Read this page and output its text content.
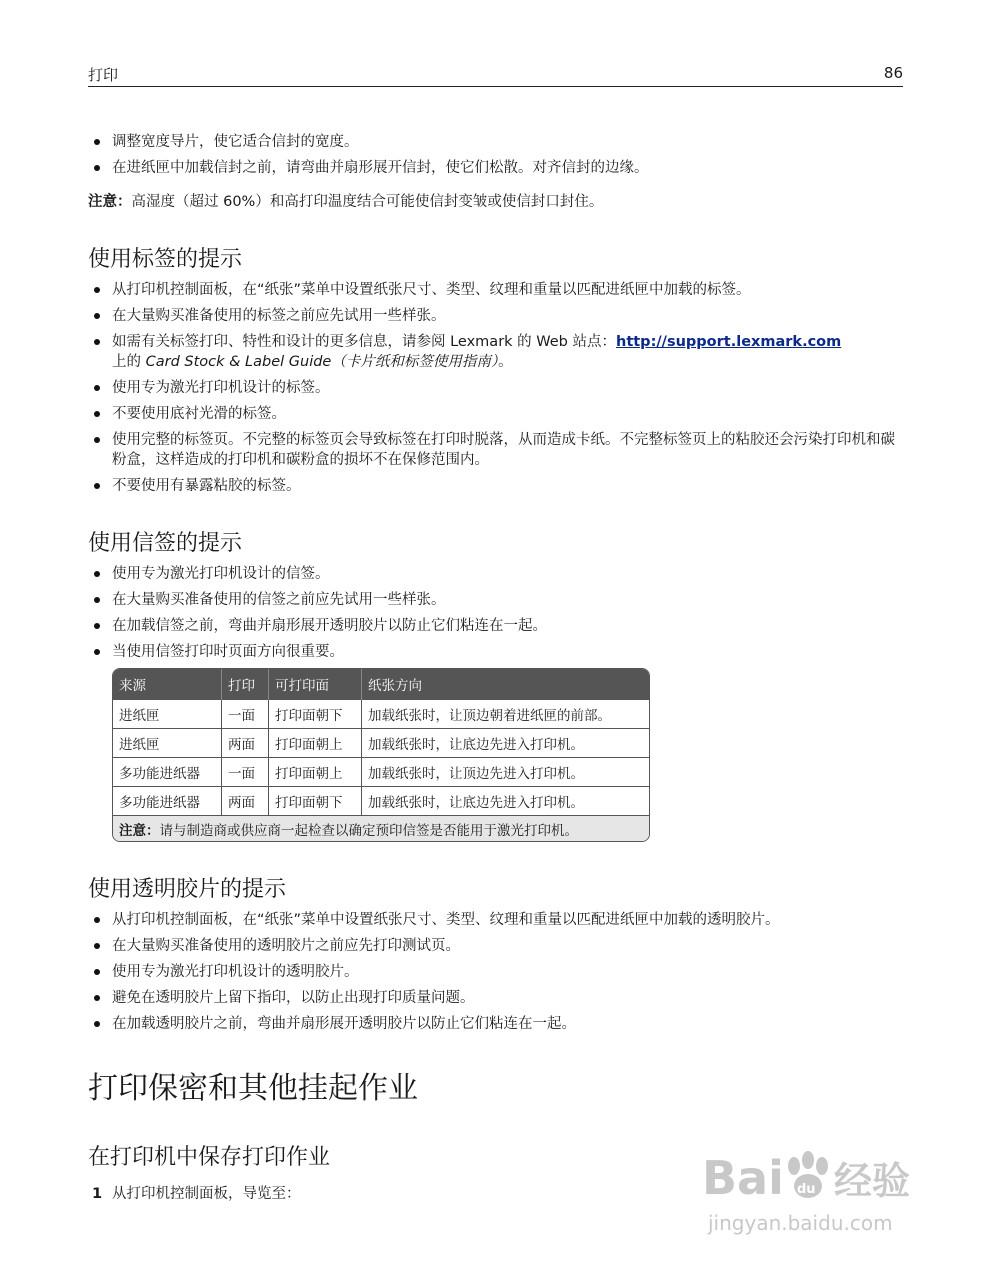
打印	86
调整宽度导片，使它适合信封的宽度。
在进纸匣中加载信封之前，请弯曲并扇形展开信封，使它们松散。对齐信封的边缘。
注意：高湿度（超过 60%）和高打印温度结合可能使信封变皱或使信封口封住。
使用标签的提示
从打印机控制面板，在“纸张”菜单中设置纸张尺寸、类型、纹理和重量以匹配进纸匣中加载的标签。
在大量购买准备使用的标签之前应先试用一些样张。
如需有关标签打印、特性和设计的更多信息，请参阅 Lexmark 的 Web 站点：http://support.lexmark.com
上的 Card Stock & Label Guide（卡片纸和标签使用指南）。
使用专为激光打印机设计的标签。
不要使用底衬光滑的标签。
使用完整的标签页。不完整的标签页会导致标签在打印时脱落，从而造成卡纸。不完整标签页上的粘胶还会污染打印机和碳粉盒，这样造成的打印机和碳粉盒的损坏不在保修范围内。
不要使用有暴露粘胶的标签。
使用信签的提示
使用专为激光打印机设计的信签。
在大量购买准备使用的信签之前应先试用一些样张。
在加载信签之前，弯曲并扇形展开透明胶片以防止它们粘连在一起。
当使用信签打印时页面方向很重要。
来源	打印	可打印面	纸张方向
进纸匣	一面	打印面朝下	加载纸张时，让顶边朝着进纸匣的前部。
进纸匣	两面	打印面朝上	加载纸张时，让底边先进入打印机。
多功能进纸器	一面	打印面朝上	加载纸张时，让顶边先进入打印机。
多功能进纸器	两面	打印面朝下	加载纸张时，让底边先进入打印机。
注意：请与制造商或供应商一起检查以确定预印信签是否能用于激光打印机。			
使用透明胶片的提示
从打印机控制面板，在“纸张”菜单中设置纸张尺寸、类型、纹理和重量以匹配进纸匣中加载的透明胶片。
在大量购买准备使用的透明胶片之前应先打印测试页。
使用专为激光打印机设计的透明胶片。
避免在透明胶片上留下指印，以防止出现打印质量问题。
在加载透明胶片之前，弯曲并扇形展开透明胶片以防止它们粘连在一起。
打印保密和其他挂起作业
在打印机中保存打印作业
1 从打印机控制面板，导览至：	Bai du 经验
jingyan.baidu.com
